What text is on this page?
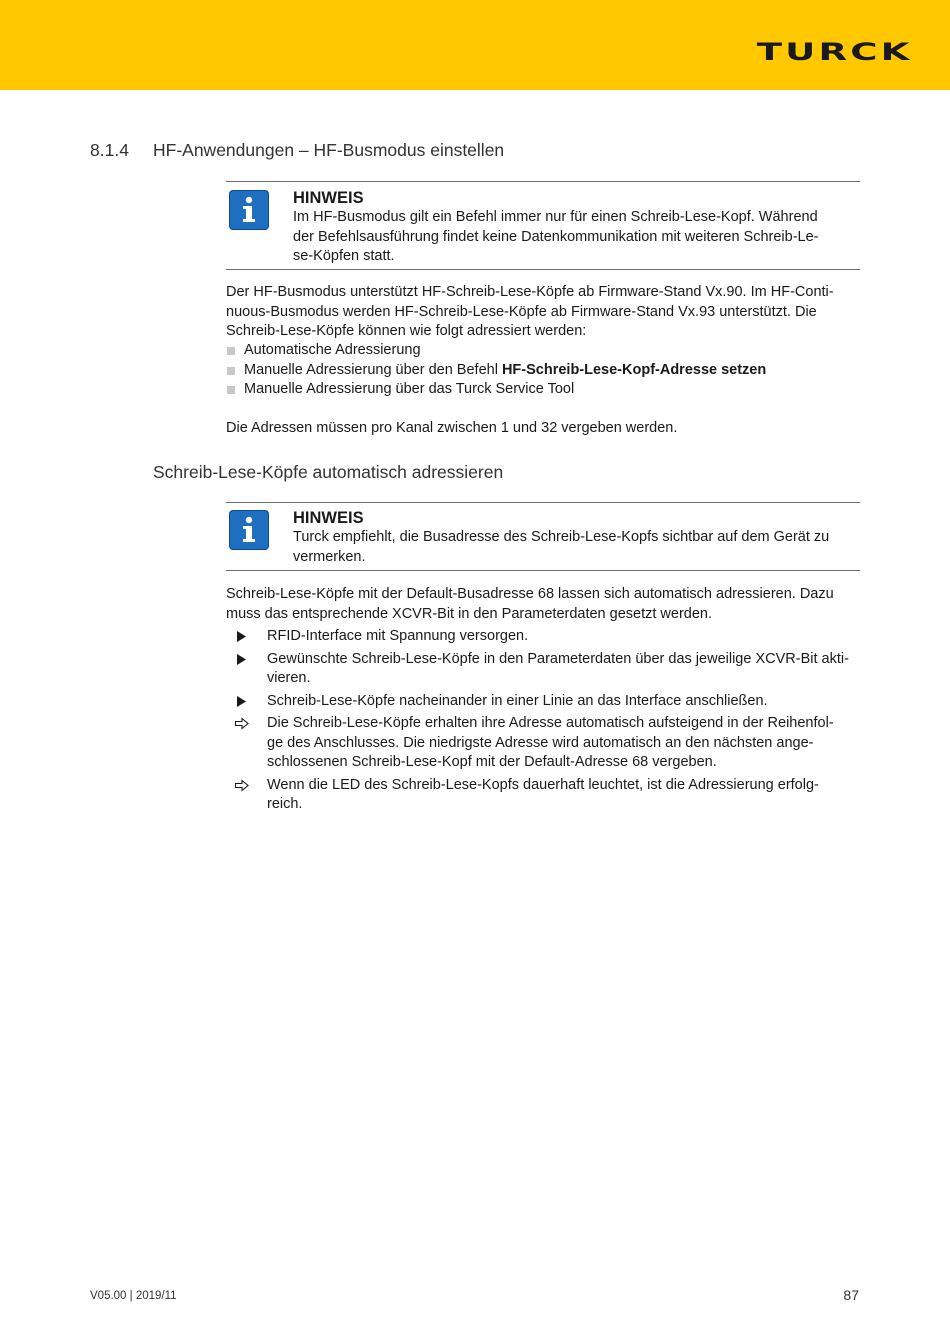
TURCK
8.1.4 HF-Anwendungen – HF-Busmodus einstellen
HINWEIS
Im HF-Busmodus gilt ein Befehl immer nur für einen Schreib-Lese-Kopf. Während
der Befehlsausführung findet keine Datenkommunikation mit weiteren Schreib-Le-
se-Köpfen statt.
Der HF-Busmodus unterstützt HF-Schreib-Lese-Köpfe ab Firmware-Stand Vx.90. Im HF-Conti-
nuous-Busmodus werden HF-Schreib-Lese-Köpfe ab Firmware-Stand Vx.93 unterstützt. Die
Schreib-Lese-Köpfe können wie folgt adressiert werden:
Automatische Adressierung
Manuelle Adressierung über den Befehl HF-Schreib-Lese-Kopf-Adresse setzen
Manuelle Adressierung über das Turck Service Tool

Die Adressen müssen pro Kanal zwischen 1 und 32 vergeben werden.

Schreib-Lese-Köpfe automatisch adressieren
HINWEIS
Turck empfiehlt, die Busadresse des Schreib-Lese-Kopfs sichtbar auf dem Gerät zu
vermerken.
Schreib-Lese-Köpfe mit der Default-Busadresse 68 lassen sich automatisch adressieren. Dazu
muss das entsprechende XCVR-Bit in den Parameterdaten gesetzt werden.
RFID-Interface mit Spannung versorgen.
Gewünschte Schreib-Lese-Köpfe in den Parameterdaten über das jeweilige XCVR-Bit akti-
vieren.
Schreib-Lese-Köpfe nacheinander in einer Linie an das Interface anschließen.
Die Schreib-Lese-Köpfe erhalten ihre Adresse automatisch aufsteigend in der Reihenfol-
ge des Anschlusses. Die niedrigste Adresse wird automatisch an den nächsten ange-
schlossenen Schreib-Lese-Kopf mit der Default-Adresse 68 vergeben.
Wenn die LED des Schreib-Lese-Kopfs dauerhaft leuchtet, ist die Adressierung erfolg-
reich.
V05.00 | 2019/11	87
